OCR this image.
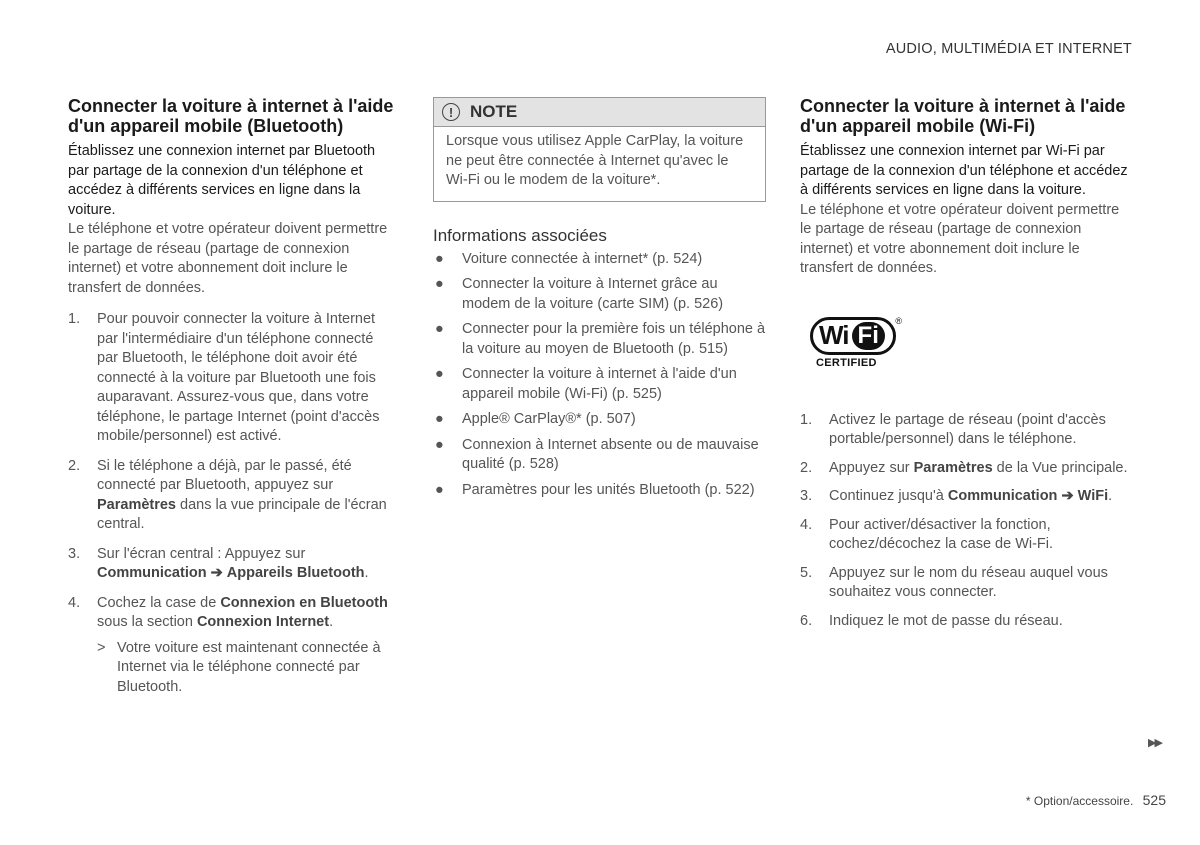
AUDIO, MULTIMÉDIA ET INTERNET
Connecter la voiture à internet à l'aide d'un appareil mobile (Bluetooth)

Établissez une connexion internet par Bluetooth par partage de la connexion d'un téléphone et accédez à différents services en ligne dans la voiture.

Le téléphone et votre opérateur doivent permettre le partage de réseau (partage de connexion internet) et votre abonnement doit inclure le transfert de données.

1. Pour pouvoir connecter la voiture à Internet par l'intermédiaire d'un téléphone connecté par Bluetooth, le téléphone doit avoir été connecté à la voiture par Bluetooth une fois auparavant. Assurez-vous que, dans votre téléphone, le partage Internet (point d'accès mobile/personnel) est activé.
2. Si le téléphone a déjà, par le passé, été connecté par Bluetooth, appuyez sur Paramètres dans la vue principale de l'écran central.
3. Sur l'écran central : Appuyez sur
Communication ➔ Appareils Bluetooth.
4. Cochez la case de Connexion en Bluetooth sous la section Connexion Internet.
> Votre voiture est maintenant connectée à Internet via le téléphone connecté par Bluetooth.
! NOTE
Lorsque vous utilisez Apple CarPlay, la voiture ne peut être connectée à Internet qu'avec le Wi-Fi ou le modem de la voiture*.
Informations associées
● Voiture connectée à internet* (p. 524)
● Connecter la voiture à Internet grâce au modem de la voiture (carte SIM) (p. 526)
● Connecter pour la première fois un téléphone à la voiture au moyen de Bluetooth (p. 515)
● Connecter la voiture à internet à l'aide d'un appareil mobile (Wi-Fi) (p. 525)
● Apple® CarPlay®* (p. 507)
● Connexion à Internet absente ou de mauvaise qualité (p. 528)
● Paramètres pour les unités Bluetooth (p. 522)
Connecter la voiture à internet à l'aide d'un appareil mobile (Wi-Fi)

Établissez une connexion internet par Wi-Fi par partage de la connexion d'un téléphone et accédez à différents services en ligne dans la voiture.

Le téléphone et votre opérateur doivent permettre le partage de réseau (partage de connexion internet) et votre abonnement doit inclure le transfert de données.

Wi Fi
®
CERTIFIED
1. Activez le partage de réseau (point d'accès portable/personnel) dans le téléphone.
2. Appuyez sur Paramètres de la Vue principale.
3. Continuez jusqu'à Communication ➔ WiFi.
4. Pour activer/désactiver la fonction, cochez/décochez la case de Wi-Fi.
5. Appuyez sur le nom du réseau auquel vous souhaitez vous connecter.
6. Indiquez le mot de passe du réseau.
▶▶
* Option/accessoire. 525
